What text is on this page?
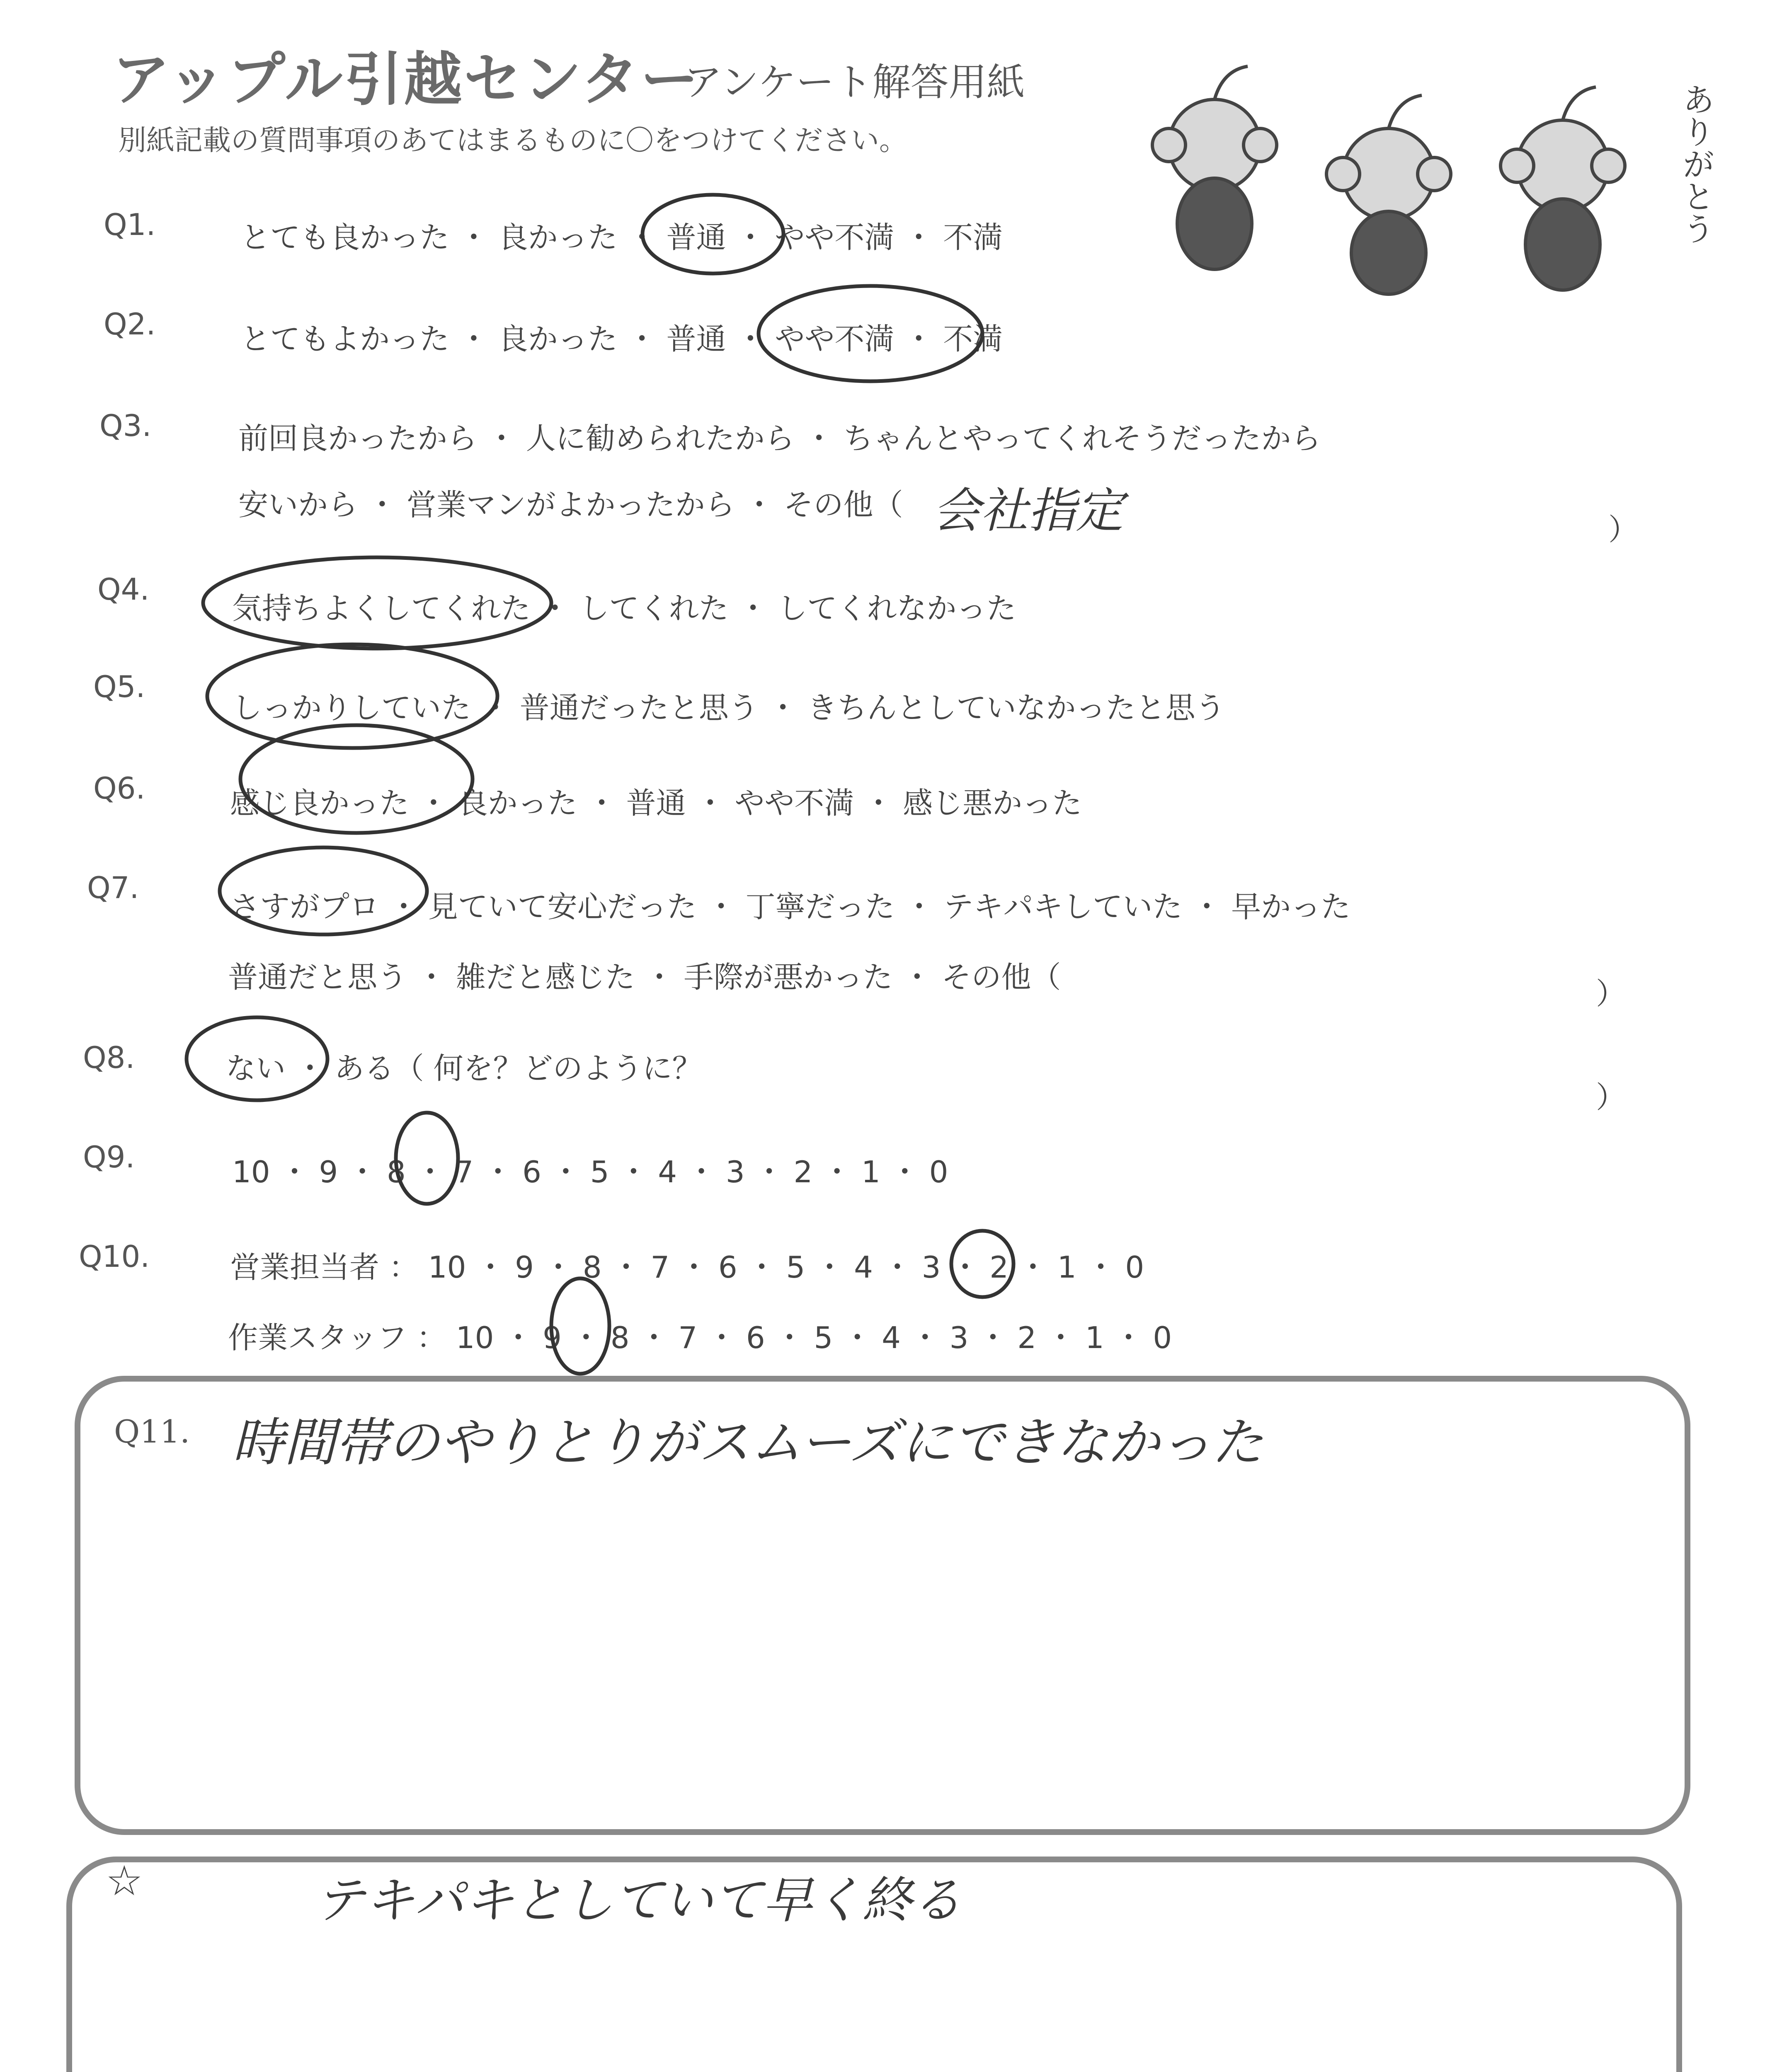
アップル引越センター
アンケート解答用紙
別紙記載の質問事項のあてはまるものに〇をつけてください。	ありがとう
Q1.	とても良かった ・ 良かった ・ 普通 ・ やや不満 ・ 不満
Q2.	とてもよかった ・ 良かった ・ 普通 ・ やや不満 ・ 不満
Q3.	前回良かったから ・ 人に勧められたから ・ ちゃんとやってくれそうだったから
安いから ・ 営業マンがよかったから ・ その他（ 会社指定	）
Q4.
気持ちよくしてくれた ・ してくれた ・ してくれなかった
Q5.
しっかりしていた ・ 普通だったと思う ・ きちんとしていなかったと思う
Q6.	感じ良かった ・ 良かった ・ 普通 ・ やや不満 ・ 感じ悪かった
Q7.
さすがプロ ・ 見ていて安心だった ・ 丁寧だった ・ テキパキしていた ・ 早かった
普通だと思う ・ 雑だと感じた ・ 手際が悪かった ・ その他（	）
Q8.	ない ・ ある（ 何を？どのように？
）
Q9.	10 ・ 9 ・ 8 ・ 7 ・ 6 ・ 5 ・ 4 ・ 3 ・ 2 ・ 1 ・ 0
Q10.	営業担当者 ： 10 ・ 9 ・ 8 ・ 7 ・ 6 ・ 5 ・ 4 ・ 3 ・ 2 ・ 1 ・ 0
作業スタッフ ： 10 ・ 9 ・ 8 ・ 7 ・ 6 ・ 5 ・ 4 ・ 3 ・ 2 ・ 1 ・ 0
Q11. 時間帯のやりとりがスムーズにできなかった
☆	テキパキとしていて早く終る
